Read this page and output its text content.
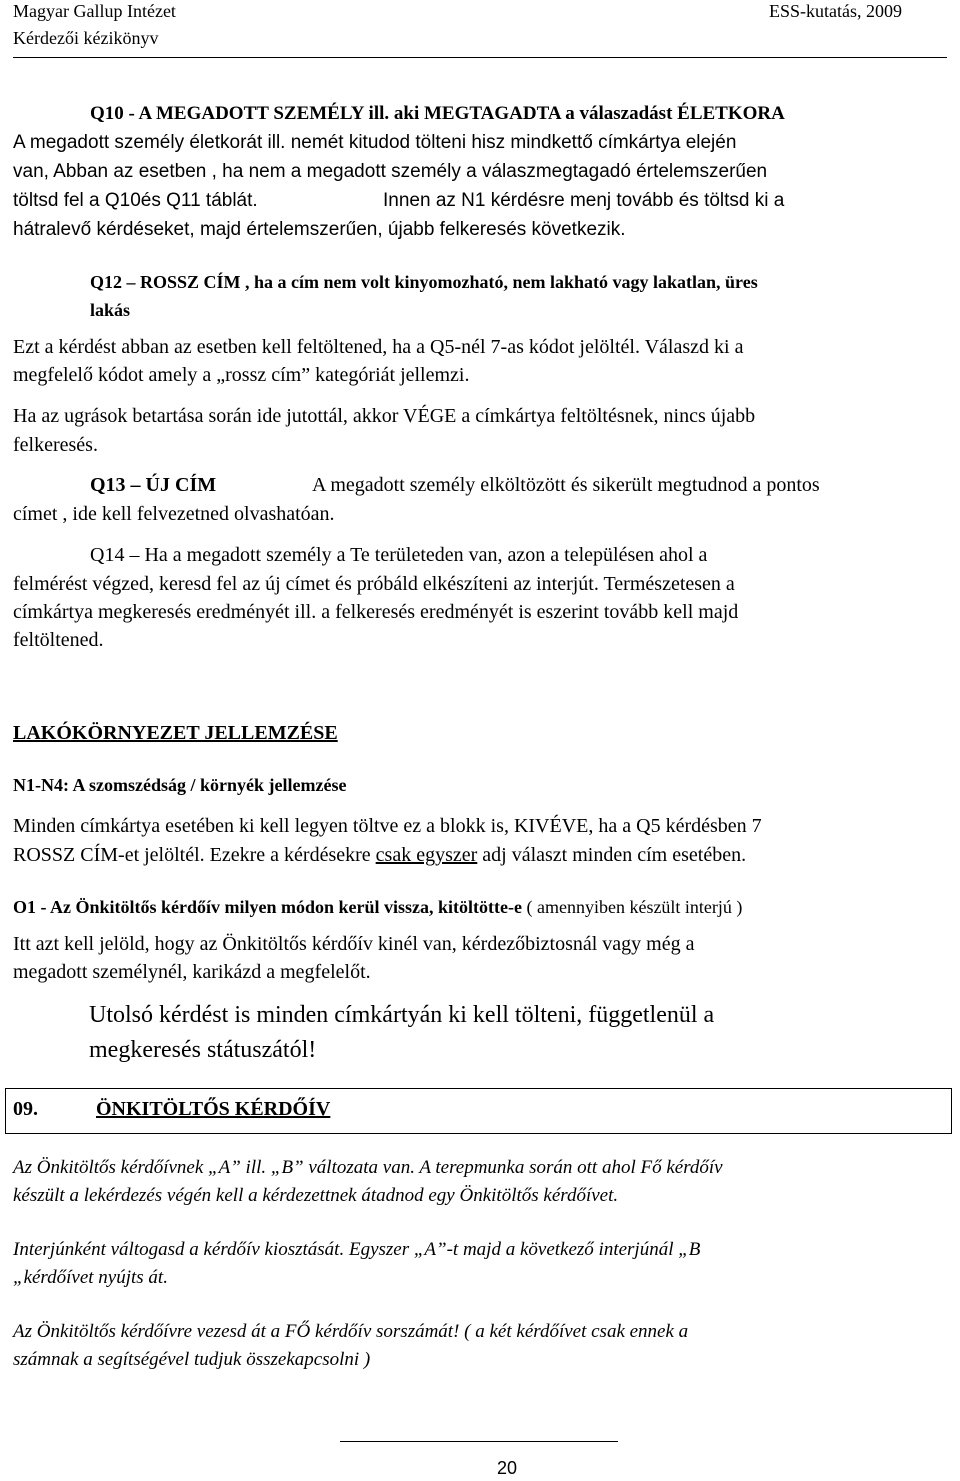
Magyar Gallup Intézet
Kérdezői kézikönyv
ESS-kutatás, 2009
Q10 - A MEGADOTT SZEMÉLY ill. aki MEGTAGADTA a válaszadást ÉLETKORA
A megadott személy életkorát ill. nemét kitudod tölteni hisz mindkettő címkártya elején
van, Abban az esetben , ha nem a megadott személy a válaszmegtagadó értelemszerűen
töltsd fel a Q10és Q11 táblát.	Innen az N1 kérdésre menj tovább és töltsd ki a
hátralevő kérdéseket, majd értelemszerűen, újabb felkeresés következik.
Q12 – ROSSZ CÍM , ha a cím nem volt kinyomozható, nem lakható vagy lakatlan, üres
lakás
Ezt a kérdést abban az esetben kell feltöltened, ha a Q5-nél 7-as kódot jelöltél. Válaszd ki a
megfelelő kódot amely a „rossz cím” kategóriát jellemzi.
Ha az ugrások betartása során ide jutottál, akkor VÉGE a címkártya feltöltésnek, nincs újabb
felkeresés.
Q13 – ÚJ CÍM	A megadott személy elköltözött és sikerült megtudnod a pontos
címet , ide kell felvezetned olvashatóan.
Q14 – Ha a megadott személy a Te területeden van, azon a településen ahol a
felmérést végzed, keresd fel az új címet és próbáld elkészíteni az interjút. Természetesen a
címkártya megkeresés eredményét ill. a felkeresés eredményét is eszerint tovább kell majd
feltöltened.
LAKÓKÖRNYEZET JELLEMZÉSE
N1-N4: A szomszédság / környék jellemzése
Minden címkártya esetében ki kell legyen töltve ez a blokk is, KIVÉVE, ha a Q5 kérdésben 7
ROSSZ CÍM-et jelöltél. Ezekre a kérdésekre csak egyszer adj választ minden cím esetében.
O1 - Az Önkitöltős kérdőív milyen módon kerül vissza, kitöltötte-e ( amennyiben készült interjú )
Itt azt kell jelöld, hogy az Önkitöltős kérdőív kinél van, kérdezőbiztosnál vagy még a
megadott személynél, karikázd a megfelelőt.
Utolsó kérdést is minden címkártyán ki kell tölteni, függetlenül a
megkeresés státuszától!
09.	ÖNKITÖLTŐS KÉRDŐÍV
Az Önkitöltős kérdőívnek „A” ill. „B” változata van. A terepmunka során ott ahol Fő kérdőív
készült a lekérdezés végén kell a kérdezettnek átadnod egy Önkitöltős kérdőívet.
Interjúnként váltogasd a kérdőív kiosztását. Egyszer „A”-t majd a következő interjúnál „B
„kérdőívet nyújts át.
Az Önkitöltős kérdőívre vezesd át a FŐ kérdőív sorszámát! ( a két kérdőívet csak ennek a
számnak a segítségével tudjuk összekapcsolni )
20
